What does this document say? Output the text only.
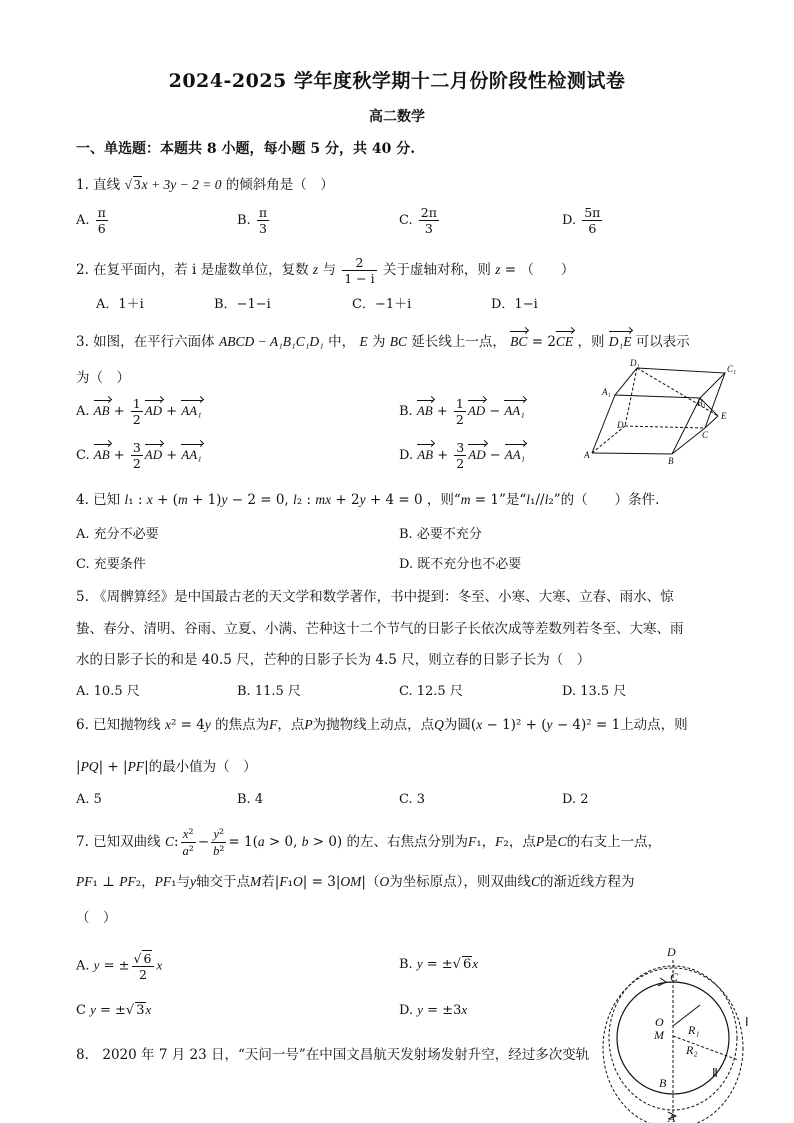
2024-2025 学年度秋学期十二月份阶段性检测试卷
高二数学
一、单选题：本题共 8 小题，每小题 5 分，共 40 分.
1. 直线 √ 3x + 3y − 2 = 0 的倾斜角是（　）
A. $\frac{\pi}{6}$	B. $\frac{\pi}{3}$	C. $\frac{2\pi}{3}$	D. $\frac{5\pi}{6}$
2. 在复平面内，若 i 是虚数单位，复数 z 与 $\frac{2}{1 - i}$ 关于虚轴对称，则 z = （　　）
A．1＋i	B．−1−i	C．−1＋i	D．1−i
3. 如图，在平行六面体 ABCD − A₁B₁C₁D₁ 中， E 为 BC 延长线上一点， BC = 2CE ，则 D₁E 可以表示
为（　）
A. AB + $\frac{1}{2}$ AD + AA₁	B. AB + $\frac{1}{2}$ AD − AA₁
C. AB + $\frac{3}{2}$ AD + AA₁	D. AB + $\frac{3}{2}$ AD − AA₁
D₁
C₁
A₁
B₁
D
E
C
A
B
4. 已知 l₁ : x + (m + 1)y − 2 = 0, l₂ : mx + 2y + 4 = 0 ，则“m = 1”是“l₁//l₂”的（　　）条件.
A. 充分不必要	B. 必要不充分
C. 充要条件	D. 既不充分也不必要
5. 《周髀算经》是中国最古老的天文学和数学著作，书中提到：冬至、小寒、大寒、立春、雨水、惊
蛰、春分、清明、谷雨、立夏、小满、芒种这十二个节气的日影子长依次成等差数列若冬至、大寒、雨
水的日影子长的和是 40.5 尺，芒种的日影子长为 4.5 尺，则立春的日影子长为（　）
A. 10.5 尺	B. 11.5 尺	C. 12.5 尺	D. 13.5 尺
6. 已知抛物线 x² = 4y 的焦点为F，点P为抛物线上动点，点Q为圆(x − 1)² + (y − 4)² = 1上动点，则
|PQ| + |PF|的最小值为（　）
A. 5	B. 4	C. 3	D. 2
7. 已知双曲线 C: $\frac{\text{x²}}{\text{a²}} - \frac{\text{y²}}{\text{b²}} = 1(a > 0$, b > 0) 的左、右焦点分别为F₁，F₂，点P是C的右支上一点，
PF₁ ⊥ PF₂，PF₁与y轴交于点M若|F₁O| = 3|OM|（O为坐标原点），则双曲线C的渐近线方程为
（　）
A. y = ± $\frac{√ 6}{2}$ x	B. y = ±√ 6x
C y = ±√ 3x	D. y = ±3x
8.　2020 年 7 月 23 日，“天问一号”在中国文昌航天发射场发射升空，经过多次变轨
D
C
O
M R₁
R₂
B
A
Ⅰ
Ⅱ
